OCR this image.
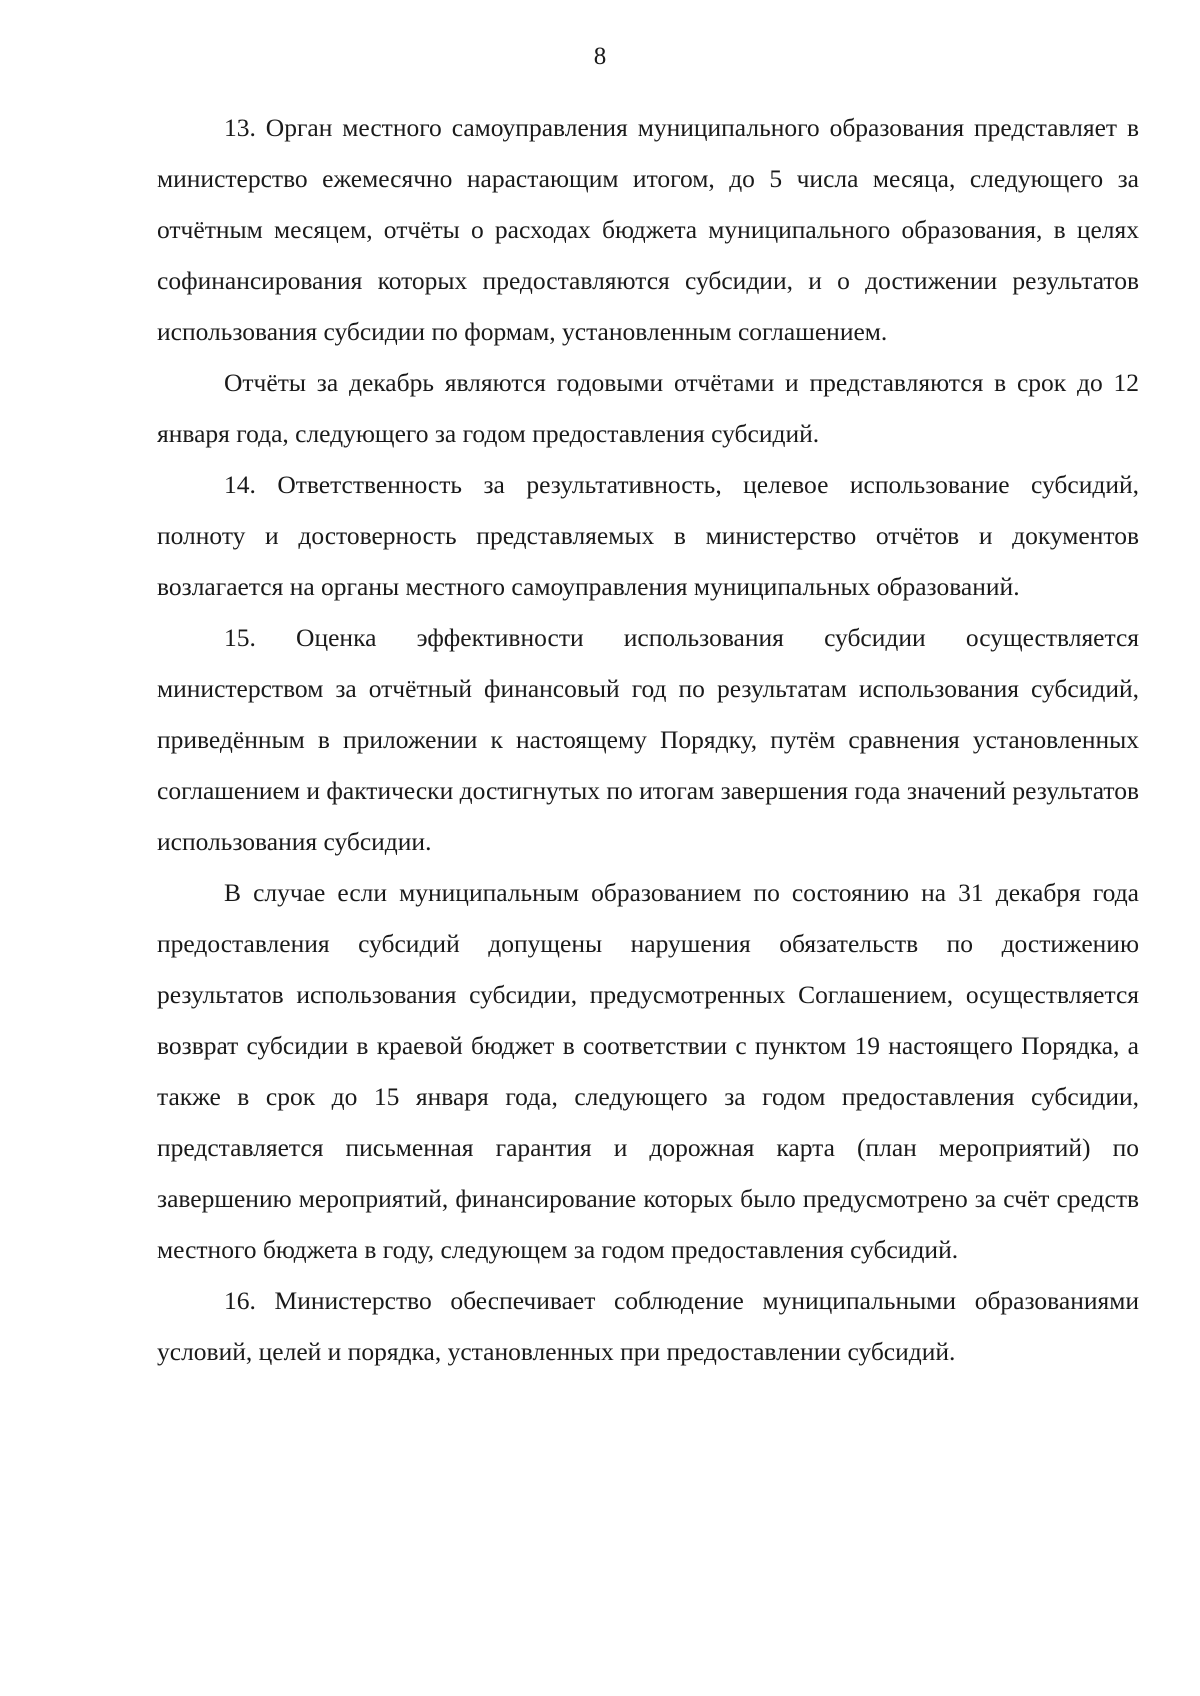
8

13. Орган местного самоуправления муниципального образования представляет в министерство ежемесячно нарастающим итогом, до 5 числа месяца, следующего за отчётным месяцем, отчёты о расходах бюджета муниципального образования, в целях софинансирования которых предоставляются субсидии, и о достижении результатов использования субсидии по формам, установленным соглашением.

Отчёты за декабрь являются годовыми отчётами и представляются в срок до 12 января года, следующего за годом предоставления субсидий.

14. Ответственность за результативность, целевое использование субсидий, полноту и достоверность представляемых в министерство отчётов и документов возлагается на органы местного самоуправления муниципальных образований.

15. Оценка эффективности использования субсидии осуществляется министерством за отчётный финансовый год по результатам использования субсидий, приведённым в приложении к настоящему Порядку, путём сравнения установленных соглашением и фактически достигнутых по итогам завершения года значений результатов использования субсидии.

В случае если муниципальным образованием по состоянию на 31 декабря года предоставления субсидий допущены нарушения обязательств по достижению результатов использования субсидии, предусмотренных Соглашением, осуществляется возврат субсидии в краевой бюджет в соответствии с пунктом 19 настоящего Порядка, а также в срок до 15 января года, следующего за годом предоставления субсидии, представляется письменная гарантия и дорожная карта (план мероприятий) по завершению мероприятий, финансирование которых было предусмотрено за счёт средств местного бюджета в году, следующем за годом предоставления субсидий.

16. Министерство обеспечивает соблюдение муниципальными образованиями условий, целей и порядка, установленных при предоставлении субсидий.
